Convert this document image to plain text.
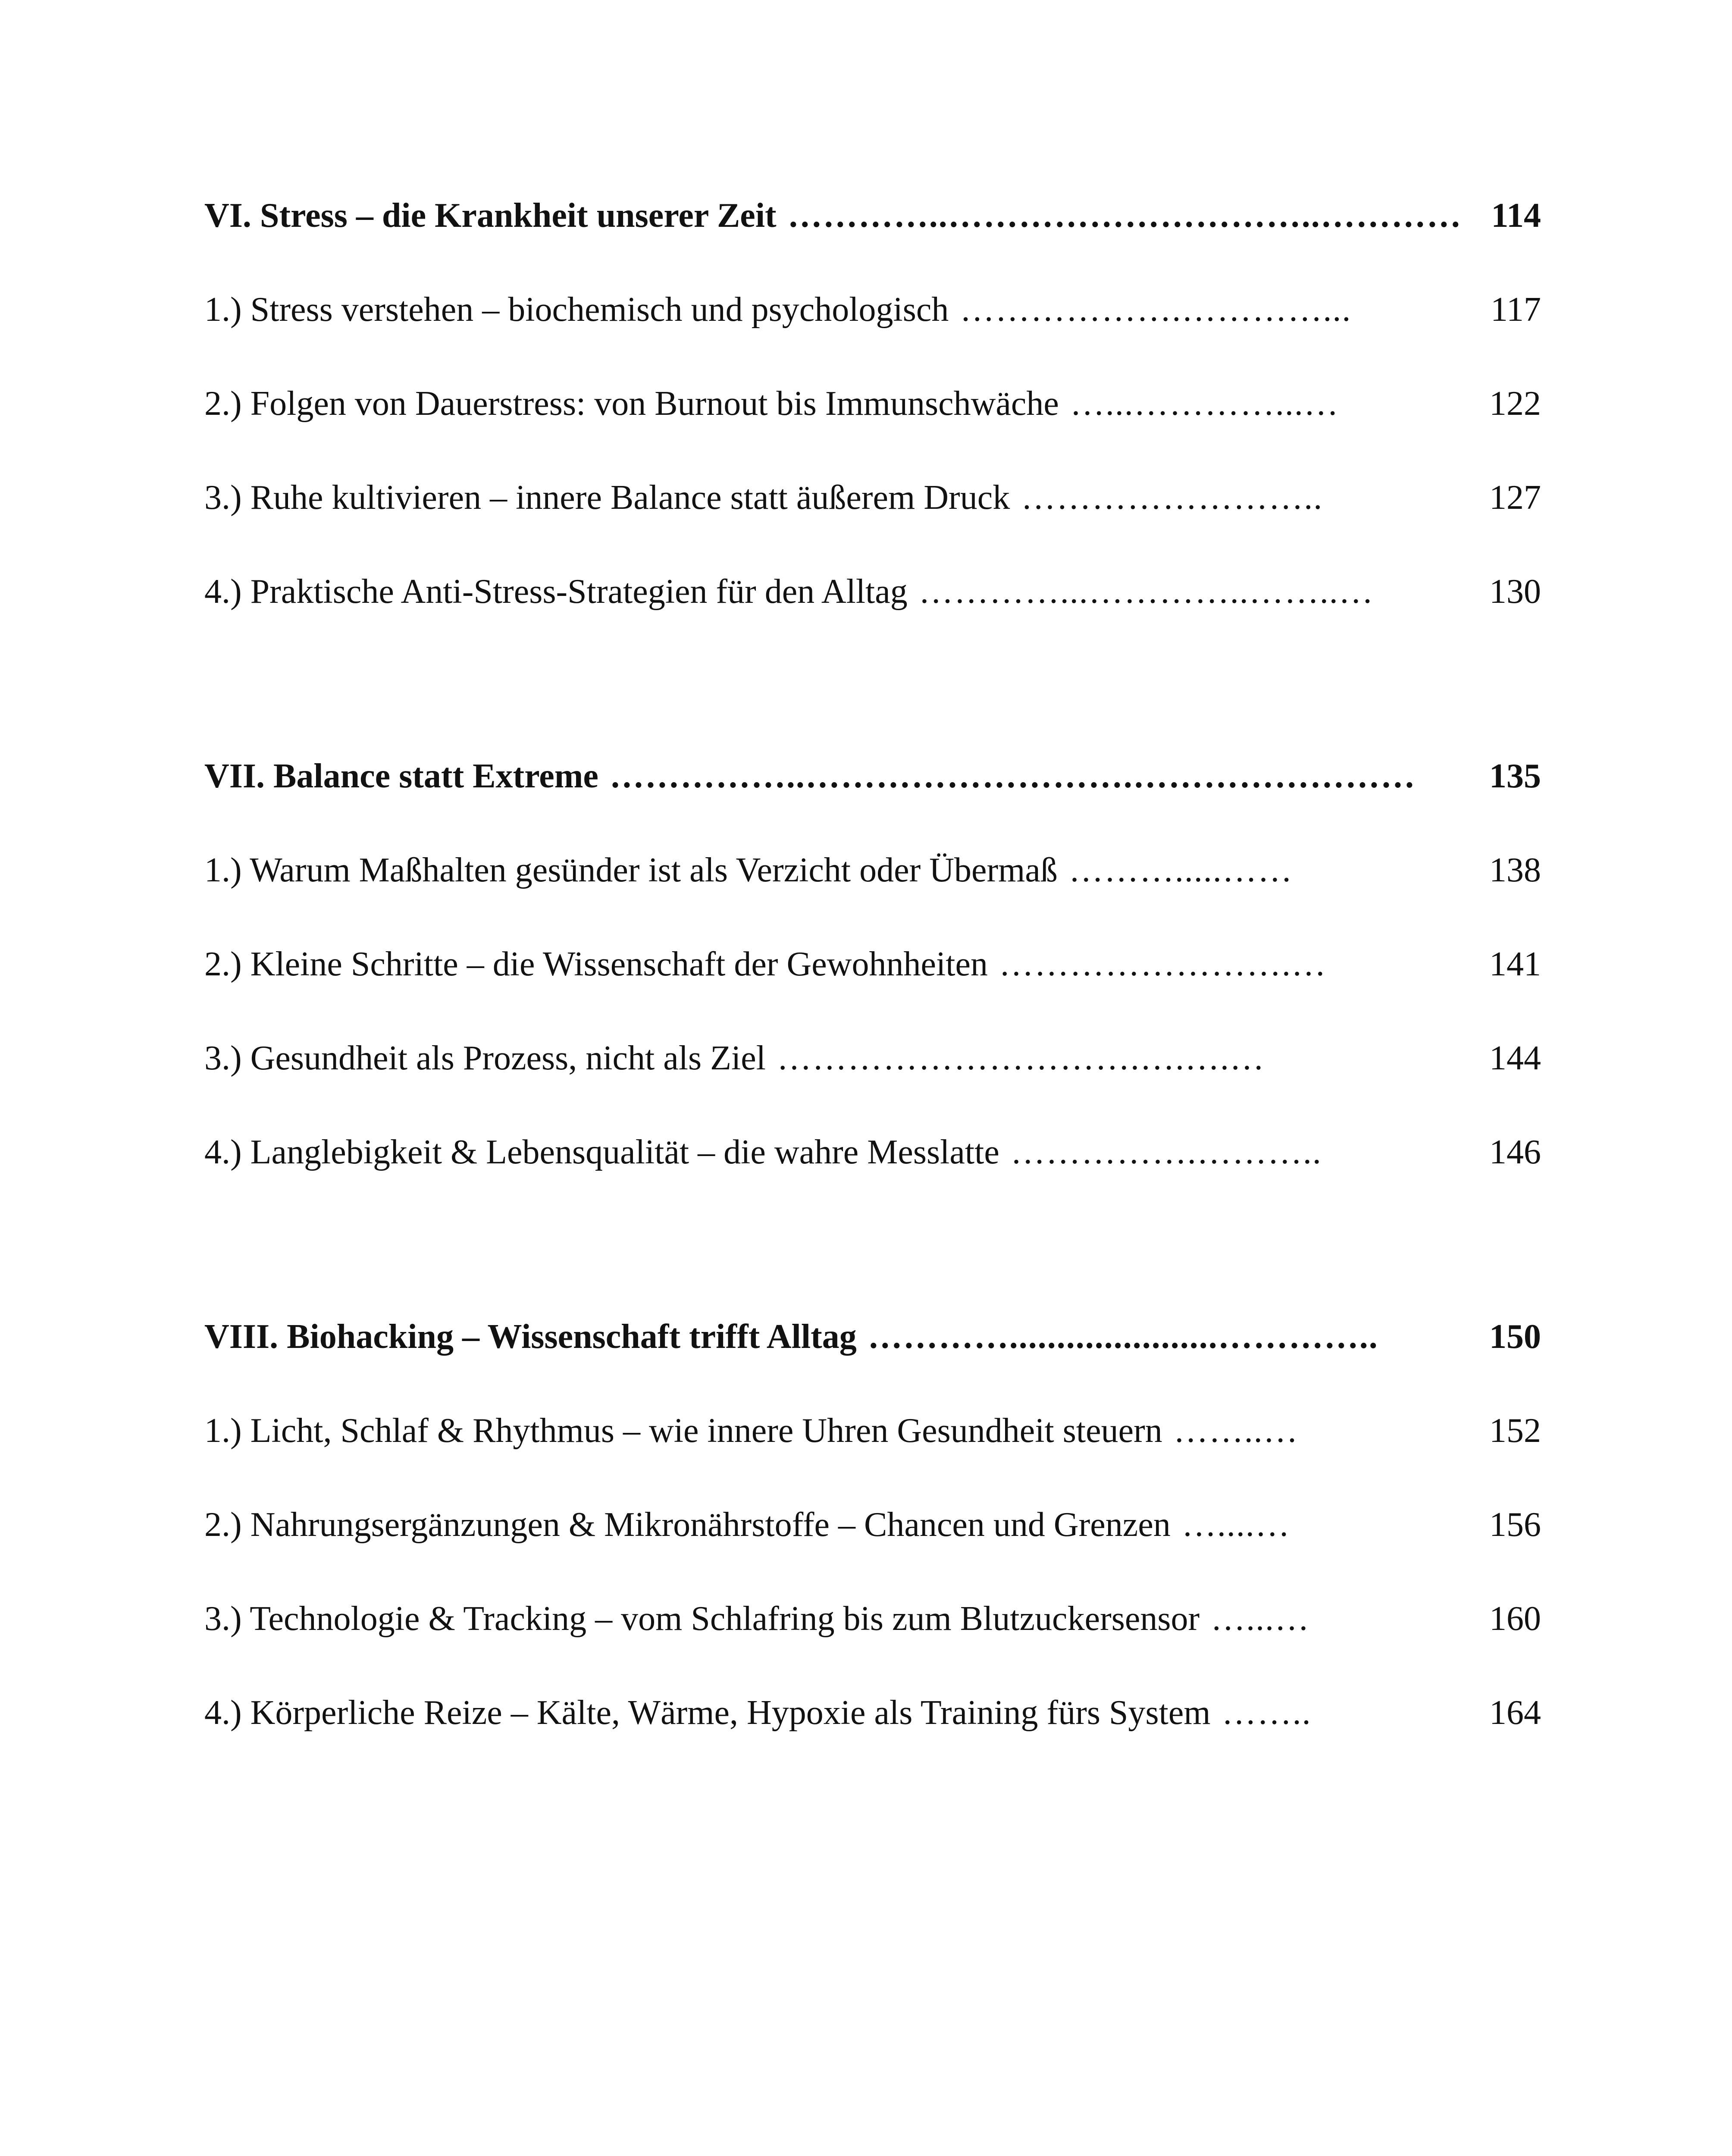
VI. Stress – die Krankheit unserer Zeit …………..…………………………..………… 114
1.) Stress verstehen – biochemisch und psychologisch ……………….…………...	117
2.) Folgen von Dauerstress: von Burnout bis Immunschwäche …...…………...…	122
3.) Ruhe kultivieren – innere Balance statt äußerem Druck ……………………..	127
4.) Praktische Anti-Stress-Strategien für den Alltag …………...…………..……..…	130
VII. Balance statt Extreme ……………..……………………….……………………	135
1.) Warum Maßhalten gesünder ist als Verzicht oder Übermaß ……….....……	138
2.) Kleine Schritte – die Wissenschaft der Gewohnheiten …………………….…	141
3.) Gesundheit als Prozess, nicht als Ziel ………………………….….….…	144
4.) Langlebigkeit & Lebensqualität – die wahre Messlatte …………….………..	146
VIII. Biohacking – Wissenschaft trifft Alltag …………......................…………..	150
1.) Licht, Schlaf & Rhythmus – wie innere Uhren Gesundheit steuern ……..…	152
2.) Nahrungsergänzungen & Mikronährstoffe – Chancen und Grenzen …....…	156
3.) Technologie & Tracking – vom Schlafring bis zum Blutzuckersensor …...…	160
4.) Körperliche Reize – Kälte, Wärme, Hypoxie als Training fürs System ……..	164
